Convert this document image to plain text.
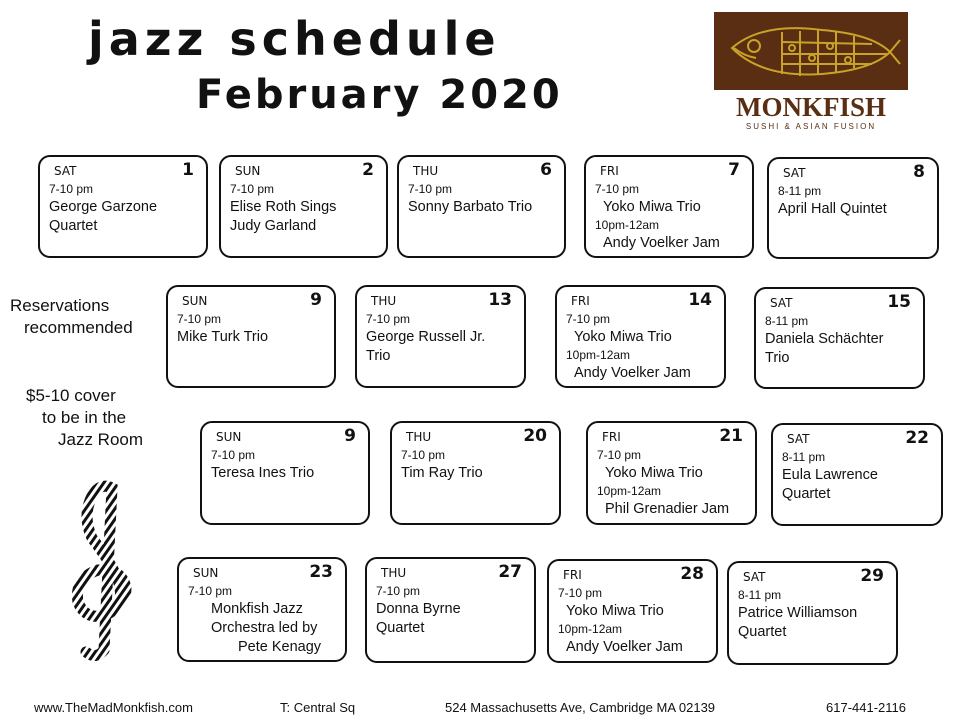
jazz schedule
February 2020	MONKFISH
SUSHI & ASIAN FUSION
Reservations
recommended
$5-10 cover
to be in the
Jazz Room
SAT	1
7-10 pm
George Garzone
Quartet
SUN	2
7-10 pm
Elise Roth Sings
Judy Garland
THU	6
7-10 pm
Sonny Barbato Trio
FRI	7
7-10 pm
Yoko Miwa Trio
10pm-12am
Andy Voelker Jam
SAT	8
8-11 pm
April Hall Quintet
SUN	9
7-10 pm
Mike Turk Trio
THU	13
7-10 pm
George Russell Jr.
Trio
FRI	14
7-10 pm
Yoko Miwa Trio
10pm-12am
Andy Voelker Jam
SAT	15
8-11 pm
Daniela Schächter
Trio
SUN	9
7-10 pm
Teresa Ines Trio
THU	20
7-10 pm
Tim Ray Trio
FRI	21
7-10 pm
Yoko Miwa Trio
10pm-12am
Phil Grenadier Jam
SAT	22
8-11 pm
Eula Lawrence
Quartet
SUN	23
7-10 pm
Monkfish Jazz
Orchestra led by
Pete Kenagy
THU	27
7-10 pm
Donna Byrne
Quartet
FRI	28
7-10 pm
Yoko Miwa Trio
10pm-12am
Andy Voelker Jam
SAT	29
8-11 pm
Patrice Williamson
Quartet
www.TheMadMonkfish.com	T: Central Sq	524 Massachusetts Ave, Cambridge MA 02139	617-441-2116
